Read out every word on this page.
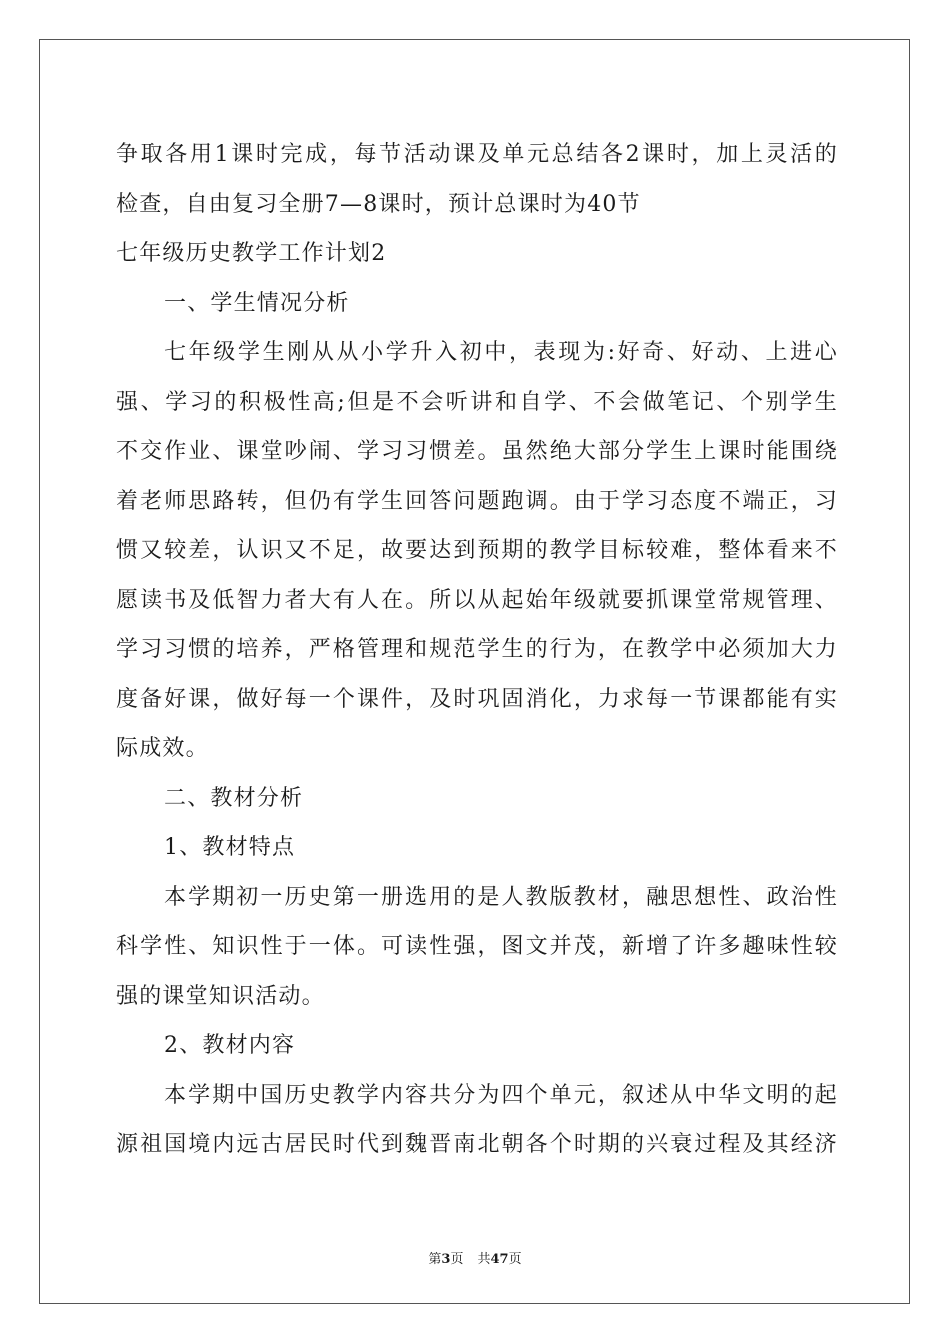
争取各用1课时完成，每节活动课及单元总结各2课时，加上灵活的
检查，自由复习全册7—8课时，预计总课时为40节
七年级历史教学工作计划2
一、学生情况分析
七年级学生刚从从小学升入初中，表现为:好奇、好动、上进心
强、学习的积极性高;但是不会听讲和自学、不会做笔记、个别学生
不交作业、课堂吵闹、学习习惯差。虽然绝大部分学生上课时能围绕
着老师思路转，但仍有学生回答问题跑调。由于学习态度不端正，习
惯又较差，认识又不足，故要达到预期的教学目标较难，整体看来不
愿读书及低智力者大有人在。所以从起始年级就要抓课堂常规管理、
学习习惯的培养，严格管理和规范学生的行为，在教学中必须加大力
度备好课，做好每一个课件，及时巩固消化，力求每一节课都能有实
际成效。
二、教材分析
1、教材特点
本学期初一历史第一册选用的是人教版教材，融思想性、政治性
科学性、知识性于一体。可读性强，图文并茂，新增了许多趣味性较
强的课堂知识活动。
2、教材内容
本学期中国历史教学内容共分为四个单元，叙述从中华文明的起
源祖国境内远古居民时代到魏晋南北朝各个时期的兴衰过程及其经济
第3页 共47页
